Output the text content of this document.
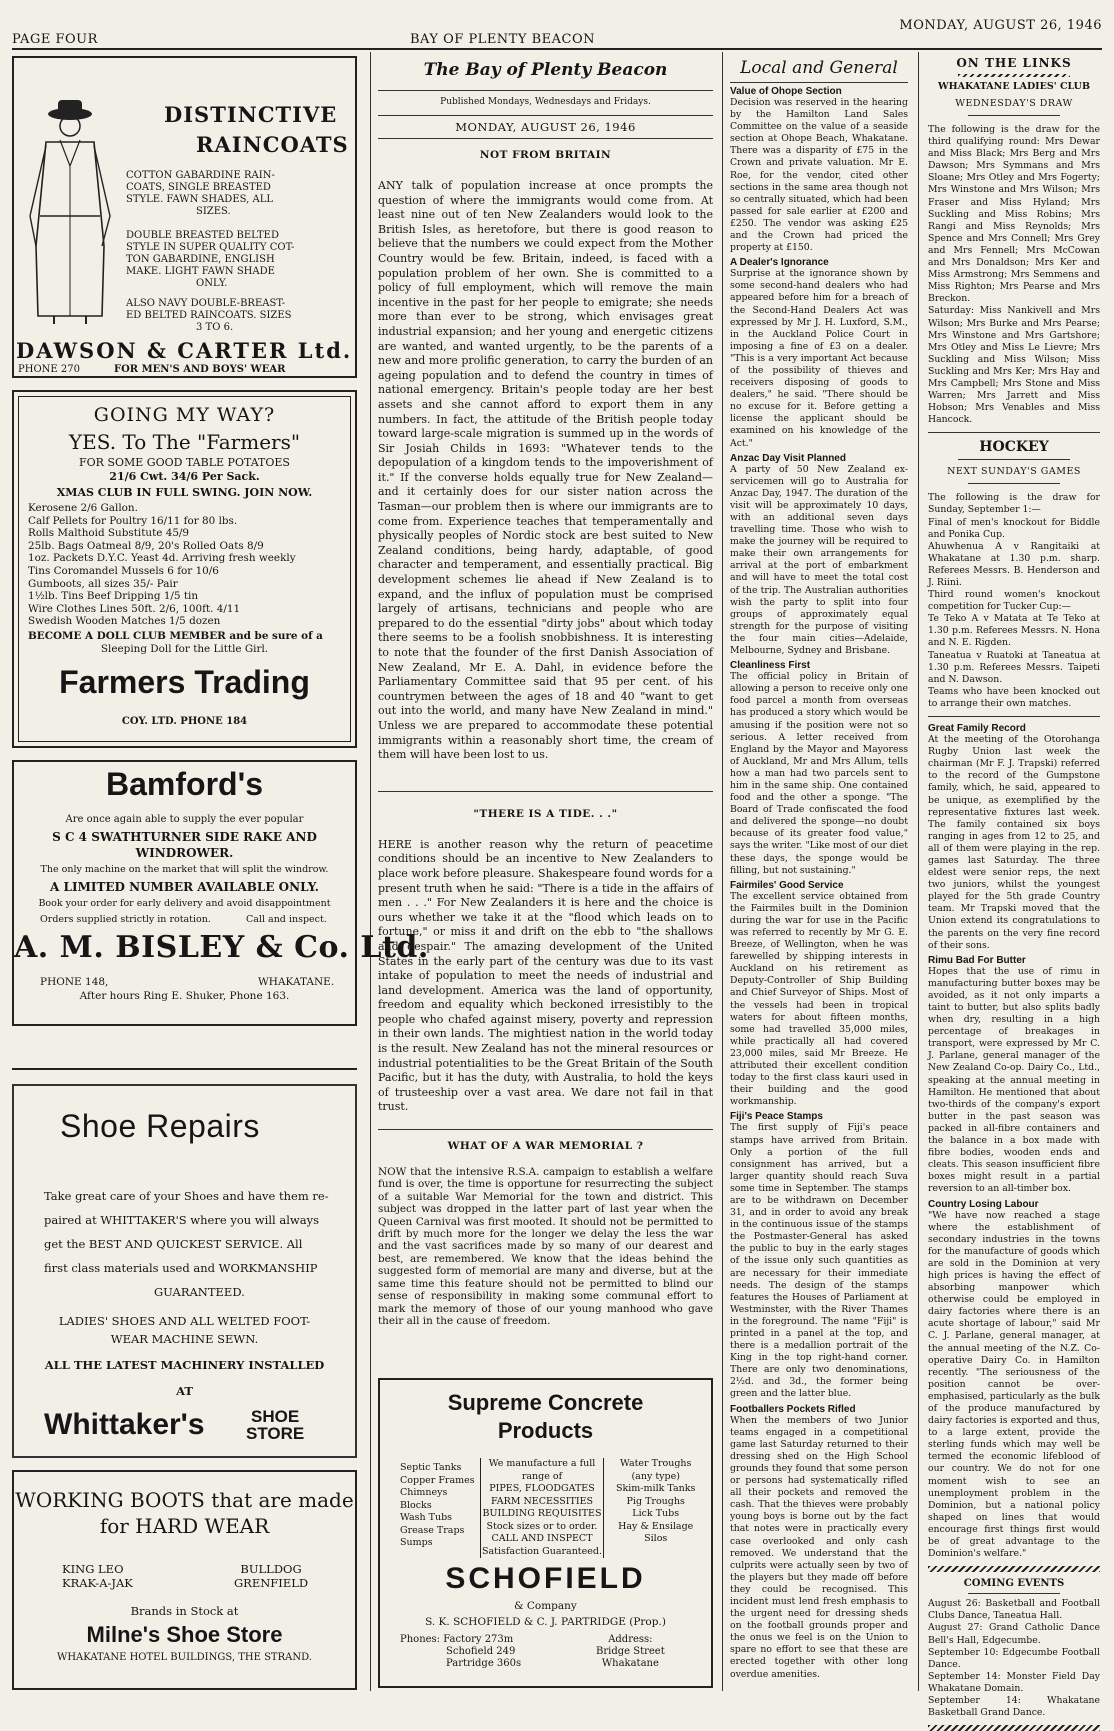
PAGE FOUR	BAY OF PLENTY BEACON
MONDAY, AUGUST 26, 1946
DISTINCTIVE
RAINCOATS
COTTON GABARDINE RAIN-
COATS, SINGLE BREASTED
STYLE. FAWN SHADES, ALL
SIZES.
DOUBLE BREASTED BELTED
STYLE IN SUPER QUALITY COT-
TON GABARDINE, ENGLISH
MAKE. LIGHT FAWN SHADE
ONLY.
ALSO NAVY DOUBLE-BREAST-
ED BELTED RAINCOATS. SIZES
3 TO 6.
DAWSON & CARTER Ltd.
PHONE 270	FOR MEN'S AND BOYS' WEAR
GOING MY WAY?
YES. To The "Farmers"
FOR SOME GOOD TABLE POTATOES
21/6 Cwt. 34/6 Per Sack.
XMAS CLUB IN FULL SWING. JOIN NOW.
Kerosene 2/6 Gallon.
Calf Pellets for Poultry 16/11 for 80 lbs.
Rolls Malthoid Substitute 45/9
25lb. Bags Oatmeal 8/9, 20's Rolled Oats 8/9
1oz. Packets D.Y.C. Yeast 4d. Arriving fresh weekly
Tins Coromandel Mussels 6 for 10/6
Gumboots, all sizes 35/- Pair
1½lb. Tins Beef Dripping 1/5 tin
Wire Clothes Lines 50ft. 2/6, 100ft. 4/11
Swedish Wooden Matches 1/5 dozen
BECOME A DOLL CLUB MEMBER and be sure of a
Sleeping Doll for the Little Girl.
Farmers Trading
COY. LTD. PHONE 184
Bamford's
Are once again able to supply the ever popular
S C 4 SWATHTURNER SIDE RAKE AND
WINDROWER.
The only machine on the market that will split the windrow.
A LIMITED NUMBER AVAILABLE ONLY.
Book your order for early delivery and avoid disappointment
Orders supplied strictly in rotation.	Call and inspect.
A. M. BISLEY & Co. Ltd.
PHONE 148,	WHAKATANE.
After hours Ring E. Shuker, Phone 163.
Shoe Repairs
Take great care of your Shoes and have them re-
paired at WHITTAKER'S where you will always
get the BEST AND QUICKEST SERVICE. All
first class materials used and WORKMANSHIP
GUARANTEED.
LADIES' SHOES AND ALL WELTED FOOT-
WEAR MACHINE SEWN.
ALL THE LATEST MACHINERY INSTALLED
AT
Whittaker's	SHOE
STORE
WORKING BOOTS that are made
for HARD WEAR
KING LEO
KRAK-A-JAK
BULLDOG
GRENFIELD
Brands in Stock at
Milne's Shoe Store
WHAKATANE HOTEL BUILDINGS, THE STRAND.
The Bay of Plenty Beacon
Published Mondays, Wednesdays and Fridays.
MONDAY, AUGUST 26, 1946
NOT FROM BRITAIN

ANY talk of population increase at once prompts the question of where the immigrants would come from. At least nine out of ten New Zealanders would look to the British Isles, as heretofore, but there is good reason to believe that the numbers we could expect from the Mother Country would be few. Britain, indeed, is faced with a population problem of her own. She is committed to a policy of full employment, which will remove the main incentive in the past for her people to emigrate; she needs more than ever to be strong, which envisages great industrial expansion; and her young and energetic citizens are wanted, and wanted urgently, to be the parents of a new and more prolific generation, to carry the burden of an ageing population and to defend the country in times of national emergency. Britain's people today are her best assets and she cannot afford to export them in any numbers. In fact, the attitude of the British people today toward large-scale migration is summed up in the words of Sir Josiah Childs in 1693: "Whatever tends to the depopulation of a kingdom tends to the impoverishment of it." If the converse holds equally true for New Zealand—and it certainly does for our sister nation across the Tasman—our problem then is where our immigrants are to come from. Experience teaches that temperamentally and physically peoples of Nordic stock are best suited to New Zealand conditions, being hardy, adaptable, of good character and temperament, and essentially practical. Big development schemes lie ahead if New Zealand is to expand, and the influx of population must be comprised largely of artisans, technicians and people who are prepared to do the essential "dirty jobs" about which today there seems to be a foolish snobbishness. It is interesting to note that the founder of the first Danish Association of New Zealand, Mr E. A. Dahl, in evidence before the Parliamentary Committee said that 95 per cent. of his countrymen between the ages of 18 and 40 "want to get out into the world, and many have New Zealand in mind." Unless we are prepared to accommodate these potential immigrants within a reasonably short time, the cream of them will have been lost to us.

"THERE IS A TIDE. . ."

HERE is another reason why the return of peacetime conditions should be an incentive to New Zealanders to place work before pleasure. Shakespeare found words for a present truth when he said: "There is a tide in the affairs of men . . ." For New Zealanders it is here and the choice is ours whether we take it at the "flood which leads on to fortune," or miss it and drift on the ebb to "the shallows and despair." The amazing development of the United States in the early part of the century was due to its vast intake of population to meet the needs of industrial and land development. America was the land of opportunity, freedom and equality which beckoned irresistibly to the people who chafed against misery, poverty and repression in their own lands. The mightiest nation in the world today is the result. New Zealand has not the mineral resources or industrial potentialities to be the Great Britain of the South Pacific, but it has the duty, with Australia, to hold the keys of trusteeship over a vast area. We dare not fail in that trust.

WHAT OF A WAR MEMORIAL ?

NOW that the intensive R.S.A. campaign to establish a welfare fund is over, the time is opportune for resurrecting the subject of a suitable War Memorial for the town and district. This subject was dropped in the latter part of last year when the Queen Carnival was first mooted. It should not be permitted to drift by much more for the longer we delay the less the war and the vast sacrifices made by so many of our dearest and best, are remembered. We know that the ideas behind the suggested form of memorial are many and diverse, but at the same time this feature should not be permitted to blind our sense of responsibility in making some communal effort to mark the memory of those of our young manhood who gave their all in the cause of freedom.

Supreme Concrete
Products
Septic Tanks
Copper Frames
Chimneys
Blocks
Wash Tubs
Grease Traps
Sumps
We manufacture a full
range of
PIPES, FLOODGATES
FARM NECESSITIES
BUILDING REQUISITES
Stock sizes or to order.
CALL AND INSPECT
Satisfaction Guaranteed.
Water Troughs
(any type)
Skim-milk Tanks
Pig Troughs
Lick Tubs
Hay & Ensilage
Silos
SCHOFIELD
& Company
S. K. SCHOFIELD & C. J. PARTRIDGE (Prop.)
Phones: Factory 273m
Schofield 249
Partridge 360s
Address:
Bridge Street
Whakatane
Local and General
Value of Ohope Section

Decision was reserved in the hearing by the Hamilton Land Sales Committee on the value of a seaside section at Ohope Beach, Whakatane. There was a disparity of £75 in the Crown and private valuation. Mr E. Roe, for the vendor, cited other sections in the same area though not so centrally situated, which had been passed for sale earlier at £200 and £250. The vendor was asking £25 and the Crown had priced the property at £150.

A Dealer's Ignorance

Surprise at the ignorance shown by some second-hand dealers who had appeared before him for a breach of the Second-Hand Dealers Act was expressed by Mr J. H. Luxford, S.M., in the Auckland Police Court in imposing a fine of £3 on a dealer. "This is a very important Act because of the possibility of thieves and receivers disposing of goods to dealers," he said. "There should be no excuse for it. Before getting a license the applicant should be examined on his knowledge of the Act."

Anzac Day Visit Planned

A party of 50 New Zealand ex-servicemen will go to Australia for Anzac Day, 1947. The duration of the visit will be approximately 10 days, with an additional seven days travelling time. Those who wish to make the journey will be required to make their own arrangements for arrival at the port of embarkment and will have to meet the total cost of the trip. The Australian authorities wish the party to split into four groups of approximately equal strength for the purpose of visiting the four main cities—Adelaide, Melbourne, Sydney and Brisbane.

Cleanliness First

The official policy in Britain of allowing a person to receive only one food parcel a month from overseas has produced a story which would be amusing if the position were not so serious. A letter received from England by the Mayor and Mayoress of Auckland, Mr and Mrs Allum, tells how a man had two parcels sent to him in the same ship. One contained food and the other a sponge. "The Board of Trade confiscated the food and delivered the sponge—no doubt because of its greater food value," says the writer. "Like most of our diet these days, the sponge would be filling, but not sustaining."

Fairmiles' Good Service

The excellent service obtained from the Fairmiles built in the Dominion during the war for use in the Pacific was referred to recently by Mr G. E. Breeze, of Wellington, when he was farewelled by shipping interests in Auckland on his retirement as Deputy-Controller of Ship Building and Chief Surveyor of Ships. Most of the vessels had been in tropical waters for about fifteen months, some had travelled 35,000 miles, while practically all had covered 23,000 miles, said Mr Breeze. He attributed their excellent condition today to the first class kauri used in their building and the good workmanship.

Fiji's Peace Stamps

The first supply of Fiji's peace stamps have arrived from Britain. Only a portion of the full consignment has arrived, but a larger quantity should reach Suva some time in September. The stamps are to be withdrawn on December 31, and in order to avoid any break in the continuous issue of the stamps the Postmaster-General has asked the public to buy in the early stages of the issue only such quantities as are necessary for their immediate needs. The design of the stamps features the Houses of Parliament at Westminster, with the River Thames in the foreground. The name "Fiji" is printed in a panel at the top, and there is a medallion portrait of the King in the top right-hand corner. There are only two denominations, 2½d. and 3d., the former being green and the latter blue.

Footballers Pockets Rifled

When the members of two Junior teams engaged in a competitional game last Saturday returned to their dressing shed on the High School grounds they found that some person or persons had systematically rifled all their pockets and removed the cash. That the thieves were probably young boys is borne out by the fact that notes were in practically every case overlooked and only cash removed. We understand that the culprits were actually seen by two of the players but they made off before they could be recognised. This incident must lend fresh emphasis to the urgent need for dressing sheds on the football grounds proper and the onus we feel is on the Union to spare no effort to see that these are erected together with other long overdue amenities.

ON THE LINKS
WHAKATANE LADIES' CLUB
WEDNESDAY'S DRAW

The following is the draw for the third qualifying round: Mrs Dewar and Miss Black; Mrs Berg and Mrs Dawson; Mrs Symmans and Mrs Sloane; Mrs Otley and Mrs Fogerty; Mrs Winstone and Mrs Wilson; Mrs Fraser and Miss Hyland; Mrs Suckling and Miss Robins; Mrs Rangi and Miss Reynolds; Mrs Spence and Mrs Connell; Mrs Grey and Mrs Fennell; Mrs McCowan and Mrs Donaldson; Mrs Ker and Miss Armstrong; Mrs Semmens and Miss Righton; Mrs Pearse and Mrs Breckon.

Saturday: Miss Nankivell and Mrs Wilson; Mrs Burke and Mrs Pearse; Mrs Winstone and Mrs Gartshore; Mrs Otley and Miss Le Lievre; Mrs Suckling and Miss Wilson; Miss Suckling and Mrs Ker; Mrs Hay and Mrs Campbell; Mrs Stone and Miss Warren; Mrs Jarrett and Miss Hobson; Mrs Venables and Miss Hancock.

HOCKEY
NEXT SUNDAY'S GAMES

The following is the draw for Sunday, September 1:—

Final of men's knockout for Biddle and Ponika Cup.

Ahuwhenua A v Rangitaiki at Whakatane at 1.30 p.m. sharp. Referees Messrs. B. Henderson and J. Riini.

Third round women's knockout competition for Tucker Cup:—

Te Teko A v Matata at Te Teko at 1.30 p.m. Referees Messrs. N. Hona and N. E. Rigden.

Taneatua v Ruatoki at Taneatua at 1.30 p.m. Referees Messrs. Taipeti and N. Dawson.

Teams who have been knocked out to arrange their own matches.

Great Family Record

At the meeting of the Otorohanga Rugby Union last week the chairman (Mr F. J. Trapski) referred to the record of the Gumpstone family, which, he said, appeared to be unique, as exemplified by the representative fixtures last week. The family contained six boys ranging in ages from 12 to 25, and all of them were playing in the rep. games last Saturday. The three eldest were senior reps, the next two juniors, whilst the youngest played for the 5th grade Country team. Mr Trapski moved that the Union extend its congratulations to the parents on the very fine record of their sons.

Rimu Bad For Butter

Hopes that the use of rimu in manufacturing butter boxes may be avoided, as it not only imparts a taint to butter, but also splits badly when dry, resulting in a high percentage of breakages in transport, were expressed by Mr C. J. Parlane, general manager of the New Zealand Co-op. Dairy Co., Ltd., speaking at the annual meeting in Hamilton. He mentioned that about two-thirds of the company's export butter in the past season was packed in all-fibre containers and the balance in a box made with fibre bodies, wooden ends and cleats. This season insufficient fibre boxes might result in a partial reversion to an all-timber box.

Country Losing Labour

"We have now reached a stage where the establishment of secondary industries in the towns for the manufacture of goods which are sold in the Dominion at very high prices is having the effect of absorbing manpower which otherwise could be employed in dairy factories where there is an acute shortage of labour," said Mr C. J. Parlane, general manager, at the annual meeting of the N.Z. Co-operative Dairy Co. in Hamilton recently. "The seriousness of the position cannot be over-emphasised, particularly as the bulk of the produce manufactured by dairy factories is exported and thus, to a large extent, provide the sterling funds which may well be termed the economic lifeblood of our country. We do not for one moment wish to see an unemployment problem in the Dominion, but a national policy shaped on lines that would encourage first things first would be of great advantage to the Dominion's welfare."

COMING EVENTS

August 26: Basketball and Football Clubs Dance, Taneatua Hall.

August 27: Grand Catholic Dance Bell's Hall, Edgecumbe.

September 10: Edgecumbe Football Dance.

September 14: Monster Field Day Whakatane Domain.

September 14: Whakatane Basketball Grand Dance.
